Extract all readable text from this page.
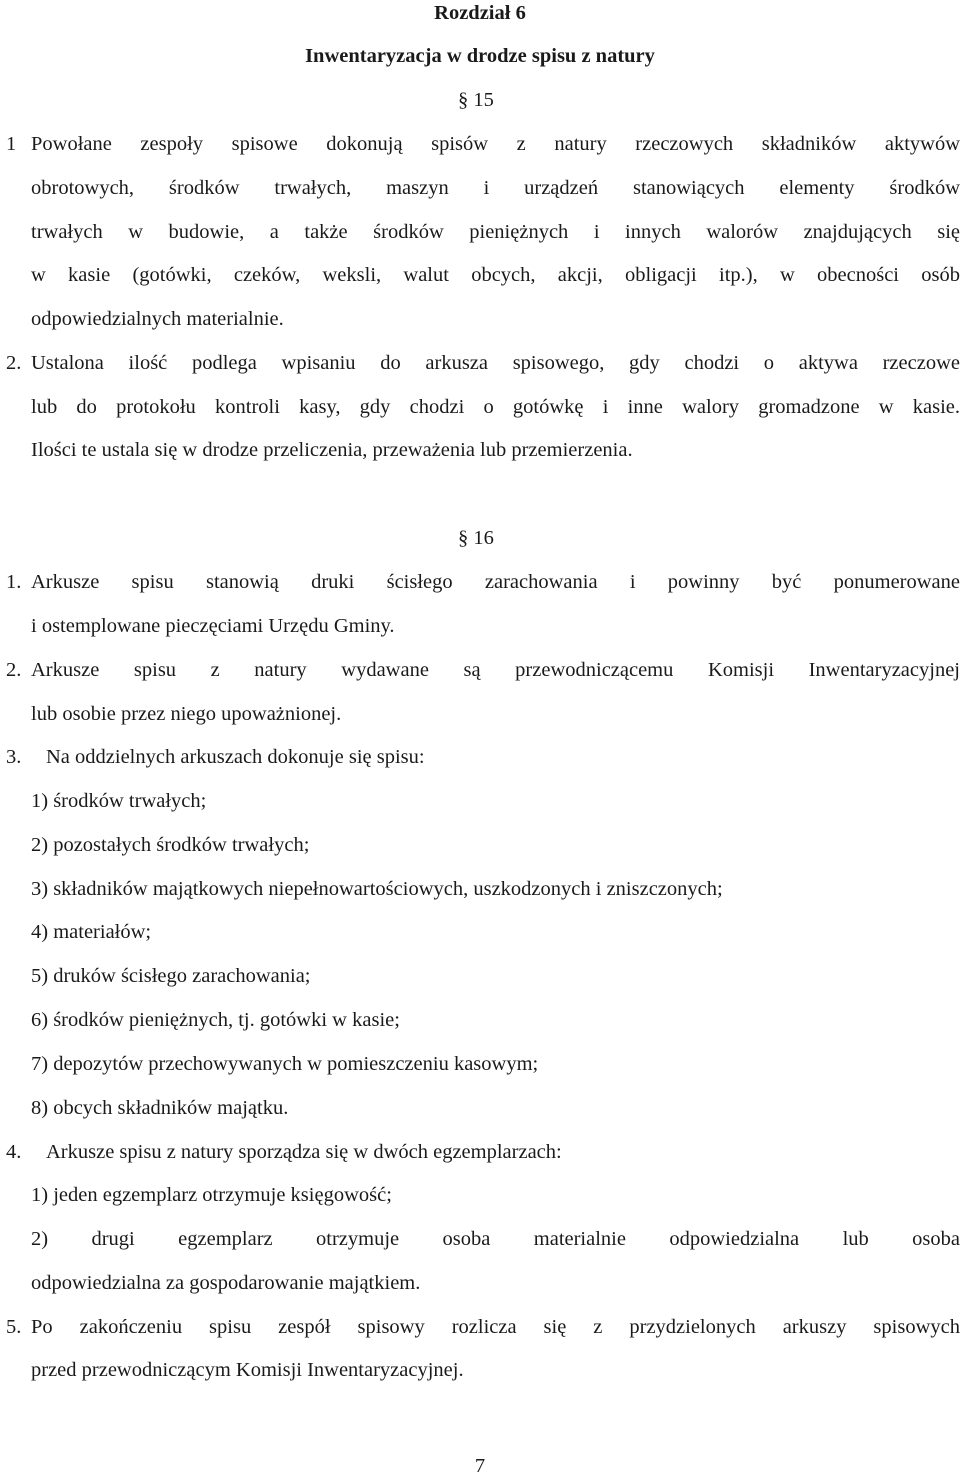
Rozdział 6
Inwentaryzacja w drodze spisu z natury
§ 15
1 Powołane zespoły spisowe dokonują spisów z natury rzeczowych składników aktywów
obrotowych, środków trwałych, maszyn i urządzeń stanowiących elementy środków
trwałych w budowie, a także środków pieniężnych i innych walorów znajdujących się
w kasie (gotówki, czeków, weksli, walut obcych, akcji, obligacji itp.), w obecności osób
odpowiedzialnych materialnie.
2. Ustalona ilość podlega wpisaniu do arkusza spisowego, gdy chodzi o aktywa rzeczowe
lub do protokołu kontroli kasy, gdy chodzi o gotówkę i inne walory gromadzone w kasie.
Ilości te ustala się w drodze przeliczenia, przeważenia lub przemierzenia.
§ 16
1. Arkusze spisu stanowią druki ścisłego zarachowania i powinny być ponumerowane
i ostemplowane pieczęciami Urzędu Gminy.
2. Arkusze spisu z natury wydawane są przewodniczącemu Komisji Inwentaryzacyjnej
lub osobie przez niego upoważnionej.
3. Na oddzielnych arkuszach dokonuje się spisu:
1) środków trwałych;
2) pozostałych środków trwałych;
3) składników majątkowych niepełnowartościowych, uszkodzonych i zniszczonych;
4) materiałów;
5) druków ścisłego zarachowania;
6) środków pieniężnych, tj. gotówki w kasie;
7) depozytów przechowywanych w pomieszczeniu kasowym;
8) obcych składników majątku.
4. Arkusze spisu z natury sporządza się w dwóch egzemplarzach:
1) jeden egzemplarz otrzymuje księgowość;
2) drugi egzemplarz otrzymuje osoba materialnie odpowiedzialna lub osoba
odpowiedzialna za gospodarowanie majątkiem.
5. Po zakończeniu spisu zespół spisowy rozlicza się z przydzielonych arkuszy spisowych
przed przewodniczącym Komisji Inwentaryzacyjnej.
7
